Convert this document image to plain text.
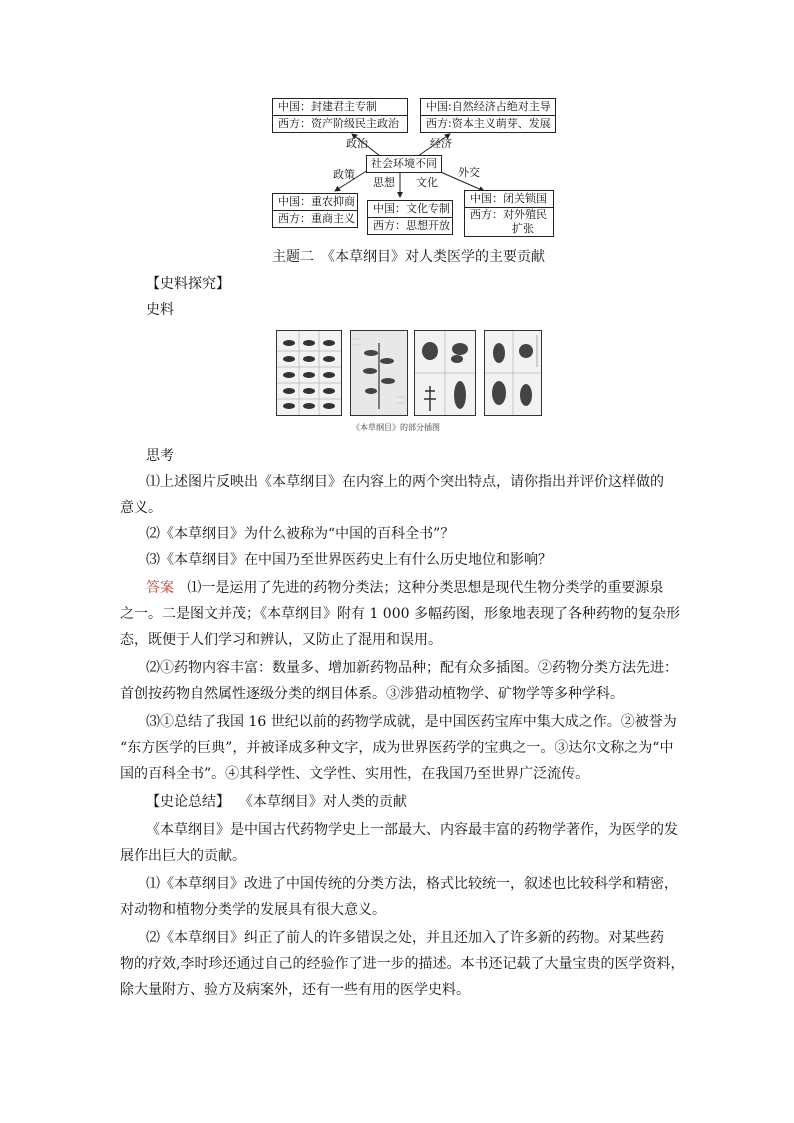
中国：封建君主专制
西方：资产阶级民主政治
中国:自然经济占绝对主导
西方:资本主义萌芽、发展
政治	经济
社会环境不同
政策
思想 文化
外交
中国：重农抑商
西方：重商主义
中国：文化专制
西方：思想开放
中国：闭关锁国
西方：对外殖民
扩张
主题二　《本草纲目》对人类医学的主要贡献
【史料探究】
史料
《本草纲目》的部分插图
思考
⑴上述图片反映出《本草纲目》在内容上的两个突出特点，请你指出并评价这样做的
意义。
⑵《本草纲目》为什么被称为“中国的百科全书”？
⑶《本草纲目》在中国乃至世界医药史上有什么历史地位和影响？
答案 ⑴一是运用了先进的药物分类法；这种分类思想是现代生物分类学的重要源泉
之一。二是图文并茂；《本草纲目》附有 1 000 多幅药图，形象地表现了各种药物的复杂形
态，既便于人们学习和辨认，又防止了混用和误用。
⑵①药物内容丰富：数量多、增加新药物品种；配有众多插图。②药物分类方法先进：
首创按药物自然属性逐级分类的纲目体系。③涉猎动植物学、矿物学等多种学科。
⑶①总结了我国 16 世纪以前的药物学成就，是中国医药宝库中集大成之作。②被誉为
“东方医学的巨典”，并被译成多种文字，成为世界医药学的宝典之一。③达尔文称之为“中
国的百科全书”。④其科学性、文学性、实用性，在我国乃至世界广泛流传。
【史论总结】 《本草纲目》对人类的贡献
《本草纲目》是中国古代药物学史上一部最大、内容最丰富的药物学著作，为医学的发
展作出巨大的贡献。
⑴《本草纲目》改进了中国传统的分类方法，格式比较统一，叙述也比较科学和精密，
对动物和植物分类学的发展具有很大意义。
⑵《本草纲目》纠正了前人的许多错误之处，并且还加入了许多新的药物。对某些药
物的疗效,李时珍还通过自己的经验作了进一步的描述。本书还记载了大量宝贵的医学资料，
除大量附方、验方及病案外，还有一些有用的医学史料。
